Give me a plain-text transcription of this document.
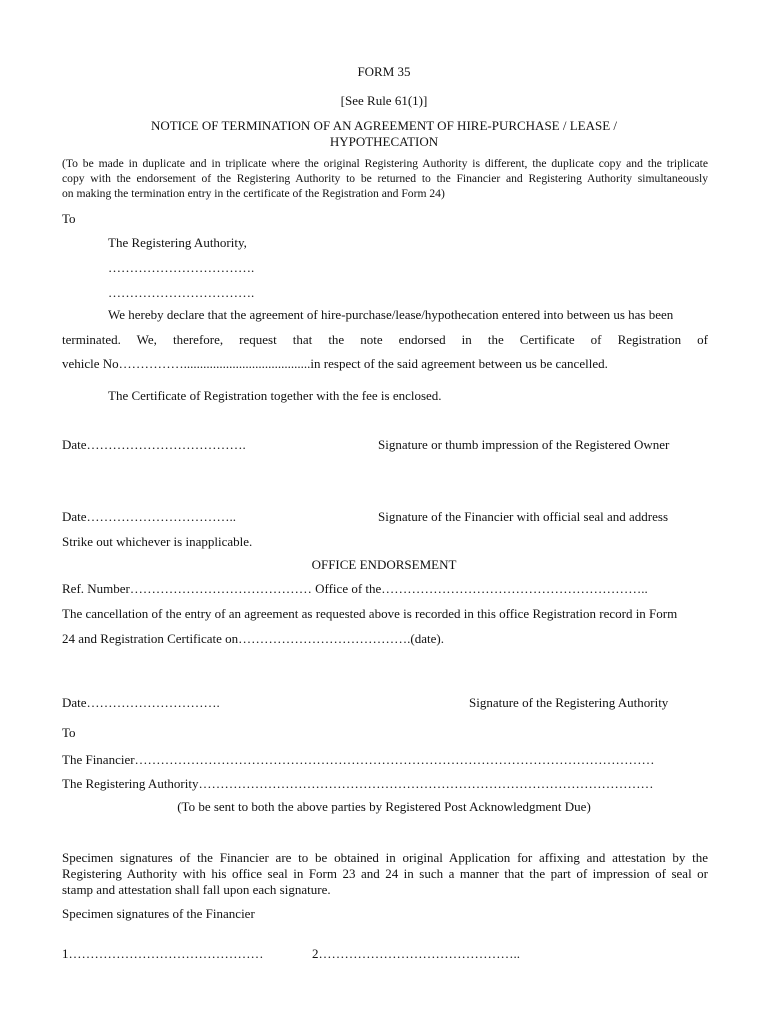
FORM 35
[See Rule 61(1)]
NOTICE OF TERMINATION OF AN AGREEMENT OF HIRE-PURCHASE / LEASE /
HYPOTHECATION
(To be made in duplicate and in triplicate where the original Registering Authority is different, the duplicate copy and the triplicate
copy with the endorsement of the Registering Authority to be returned to the Financier and Registering Authority simultaneously
on making the termination entry in the certificate of the Registration and Form 24)
To
The Registering Authority,
…………………………….
…………………………….
We hereby declare that the agreement of hire-purchase/lease/hypothecation entered into between us has been
terminated. We, therefore, request that the note endorsed in the Certificate of Registration of
vehicle No…………….......................................in respect of the said agreement between us be cancelled.
The Certificate of Registration together with the fee is enclosed.
Date……………………………….	Signature or thumb impression of the Registered Owner
Date……………………………..	Signature of the Financier with official seal and address
Strike out whichever is inapplicable.
OFFICE ENDORSEMENT
Ref. Number…………………………………… Office of the……………………………………………………..
The cancellation of the entry of an agreement as requested above is recorded in this office Registration record in Form
24 and Registration Certificate on………………………………….(date).
Date………………………….	Signature of the Registering Authority
To
The Financier…………………………………………………………………………………………………………
The Registering Authority……………………………………………………………………………………………
(To be sent to both the above parties by Registered Post Acknowledgment Due)
Specimen signatures of the Financier are to be obtained in original Application for affixing and attestation by the
Registering Authority with his office seal in Form 23 and 24 in such a manner that the part of impression of seal or
stamp and attestation shall fall upon each signature.
Specimen signatures of the Financier
1………………………………………	2………………………………………..
